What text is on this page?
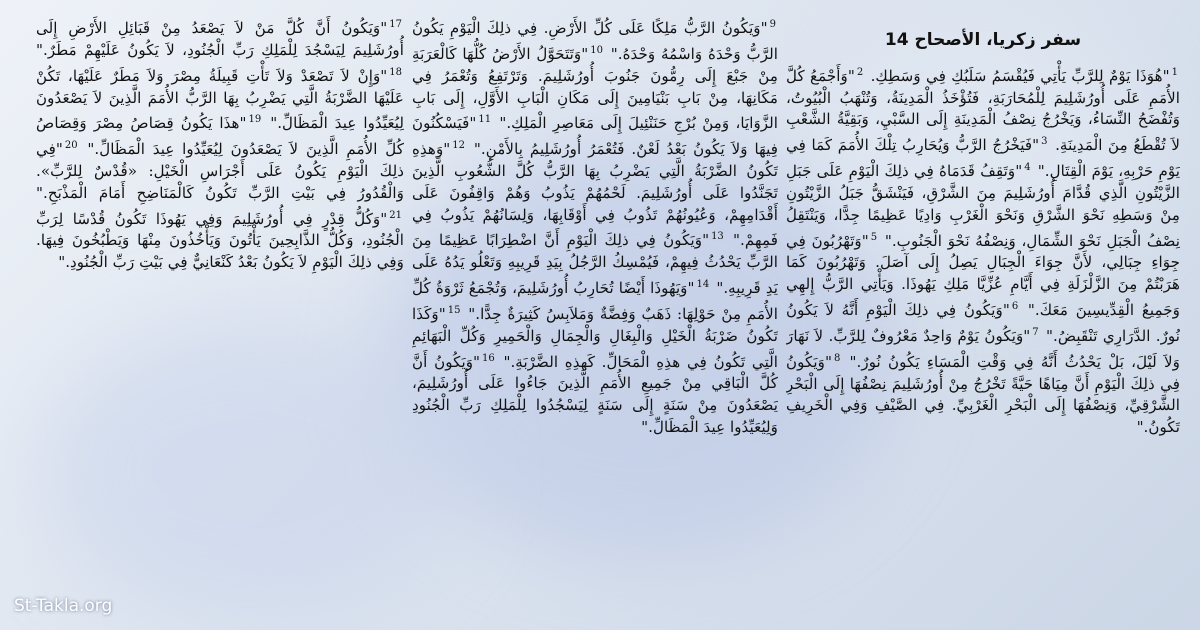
سفر زكريا، الأصحاح 14
$^1$"هُوَذَا يَوْمٌ لِلرَّبِّ يَأْتِي فَيُقْسَمُ سَلَبُكِ فِي وَسَطِكِ. $^2$"وَأَجْمَعُ كُلَّ الأُمَمِ عَلَى أُورُشَلِيمَ لِلْمُحَارَبَةِ، فَتُؤْخَذُ الْمَدِينَةُ، وَتُنْهَبُ الْبُيُوتُ، وَتُفْضَحُ النِّسَاءُ، وَيَخْرُجُ نِصْفُ الْمَدِينَةِ إِلَى السَّبْيِ، وَبَقِيَّةُ الشَّعْبِ لاَ تُقْطَعُ مِنَ الْمَدِينَةِ. $^3$"فَيَخْرُجُ الرَّبُّ وَيُحَارِبُ تِلْكَ الأُمَمَ كَمَا فِي يَوْمِ حَرْبِهِ، يَوْمَ الْقِتَالِ." $^4$"وَتَقِفُ قَدَمَاهُ فِي ذلِكَ الْيَوْمِ عَلَى جَبَلِ الزَّيْتُونِ الَّذِي قُدَّامَ أُورُشَلِيمَ مِنَ الشَّرْقِ، فَيَنْشَقُّ جَبَلُ الزَّيْتُونِ مِنْ وَسَطِهِ نَحْوَ الشَّرْقِ وَنَحْوَ الْغَرْبِ وَادِيًا عَظِيمًا جِدًّا، وَيَنْتَقِلُ نِصْفُ الْجَبَلِ نَحْوَ الشِّمَالِ، وَنِصْفُهُ نَحْوَ الْجَنُوبِ." $^5$"وَتَهْرُبُونَ فِي جِوَاءِ جِبَالِي، لأَنَّ جِوَاءَ الْجِبَالِ يَصِلُ إِلَى آصَلَ. وَتَهْرُبُونَ كَمَا هَرَبْتُمْ مِنَ الزَّلْزَلَةِ فِي أَيَّامِ عُزِّيَّا مَلِكِ يَهُوذَا. وَيَأْتِي الرَّبُّ إِلهِي وَجَمِيعُ الْقِدِّيسِينَ مَعَكَ." $^6$"وَيَكُونُ فِي ذلِكَ الْيَوْمِ أَنَّهُ لاَ يَكُونُ نُورٌ. الدَّرَارِي تَنْقَبِضُ." $^7$"وَيَكُونُ يَوْمٌ وَاحِدٌ مَعْرُوفٌ لِلرَّبِّ. لاَ نَهَارَ وَلاَ لَيْلَ، بَلْ يَحْدُثُ أَنَّهُ فِي وَقْتِ الْمَسَاءِ يَكُونُ نُورٌ." $^8$"وَيَكُونُ فِي ذلِكَ الْيَوْمِ أَنَّ مِيَاهًا حَيَّةً تَخْرُجُ مِنْ أُورُشَلِيمَ نِصْفُهَا إِلَى الْبَحْرِ الشَّرْقِيِّ، وَنِصْفُهَا إِلَى الْبَحْرِ الْغَرْبِيِّ. فِي الصَّيْفِ وَفِي الْخَرِيفِ تَكُونُ."
$^9$"وَيَكُونُ الرَّبُّ مَلِكًا عَلَى كُلِّ الأَرْضِ. فِي ذلِكَ الْيَوْمِ يَكُونُ الرَّبُّ وَحْدَهُ وَاسْمُهُ وَحْدَهُ." $^{10}$"وَتَتَحَوَّلُ الأَرْضُ كُلُّهَا كَالْعَرَبَةِ مِنْ جَبْعَ إِلَى رِمُّونَ جَنُوبَ أُورُشَلِيمَ. وَتَرْتَفِعُ وَتُعْمَرُ فِي مَكَانِهَا، مِنْ بَابِ بَنْيَامِينَ إِلَى مَكَانِ الْبَابِ الأَوَّلِ، إِلَى بَابِ الزَّوَايَا، وَمِنْ بُرْجِ حَنَنْئِيلَ إِلَى مَعَاصِرِ الْمَلِكِ." $^{11}$"فَيَسْكُنُونَ فِيهَا وَلاَ يَكُونُ بَعْدُ لَعْنٌ. فَتُعْمَرُ أُورُشَلِيمُ بِالأَمْنِ." $^{12}$"وَهذِهِ تَكُونُ الضَّرْبَةُ الَّتِي يَضْرِبُ بِهَا الرَّبُّ كُلَّ الشُّعُوبِ الَّذِينَ تَجَنَّدُوا عَلَى أُورُشَلِيمَ. لَحْمُهُمْ يَذُوبُ وَهُمْ وَاقِفُونَ عَلَى أَقْدَامِهِمْ، وَعُيُونُهُمْ تَذُوبُ فِي أَوْقَابِهَا، وَلِسَانُهُمْ يَذُوبُ فِي فَمِهِمْ." $^{13}$"وَيَكُونُ فِي ذلِكَ الْيَوْمِ أَنَّ اضْطِرَابًا عَظِيمًا مِنَ الرَّبِّ يَحْدُثُ فِيهِمْ، فَيُمْسِكُ الرَّجُلُ بِيَدِ قَرِيبِهِ وَتَعْلُو يَدُهُ عَلَى يَدِ قَرِيبِهِ." $^{14}$"وَيَهُوذَا أَيْضًا تُحَارِبُ أُورُشَلِيمَ، وَتُجْمَعُ ثَرْوَةُ كُلِّ الأُمَمِ مِنْ حَوْلِهَا: ذَهَبٌ وَفِضَّةٌ وَمَلاَبِسُ كَثِيرَةٌ جِدًّا." $^{15}$"وَكَذَا تَكُونُ ضَرْبَةُ الْخَيْلِ وَالْبِغَالِ وَالْجِمَالِ وَالْحَمِيرِ وَكُلِّ الْبَهَائِمِ الَّتِي تَكُونُ فِي هذِهِ الْمَحَالِّ. كَهذِهِ الضَّرْبَةِ." $^{16}$"وَيَكُونُ أَنَّ كُلَّ الْبَاقِي مِنْ جَمِيعِ الأُمَمِ الَّذِينَ جَاءُوا عَلَى أُورُشَلِيمَ، يَصْعَدُونَ مِنْ سَنَةٍ إِلَى سَنَةٍ لِيَسْجُدُوا لِلْمَلِكِ رَبِّ الْجُنُودِ وَلِيُعَيِّدُوا عِيدَ الْمَظَالِّ."
$^{17}$"وَيَكُونُ أَنَّ كُلَّ مَنْ لاَ يَصْعَدُ مِنْ قَبَائِلِ الأَرْضِ إِلَى أُورُشَلِيمَ لِيَسْجُدَ لِلْمَلِكِ رَبِّ الْجُنُودِ، لاَ يَكُونُ عَلَيْهِمْ مَطَرٌ." $^{18}$"وَإِنْ لاَ تَصْعَدْ وَلاَ تَأْتِ قَبِيلَةُ مِصْرَ وَلاَ مَطَرٌ عَلَيْهَا، تَكُنْ عَلَيْهَا الضَّرْبَةُ الَّتِي يَضْرِبُ بِهَا الرَّبُّ الأُمَمَ الَّذِينَ لاَ يَصْعَدُونَ لِيُعَيِّدُوا عِيدَ الْمَظَالِّ." $^{19}$"هذَا يَكُونُ قِصَاصُ مِصْرَ وَقِصَاصُ كُلِّ الأُمَمِ الَّذِينَ لاَ يَصْعَدُونَ لِيُعَيِّدُوا عِيدَ الْمَظَالِّ." $^{20}$"فِي ذلِكَ الْيَوْمِ يَكُونُ عَلَى أَجْرَاسِ الْخَيْلِ: «قُدْسٌ لِلرَّبِّ». وَالْقُدُورُ فِي بَيْتِ الرَّبِّ تَكُونُ كَالْمَنَاضِحِ أَمَامَ الْمَذْبَحِ." $^{21}$"وَكُلُّ قِدْرٍ فِي أُورُشَلِيمَ وَفِي يَهُوذَا تَكُونُ قُدْسًا لِرَبِّ الْجُنُودِ، وَكُلُّ الذَّابِحِينَ يَأْتُونَ وَيَأْخُذُونَ مِنْهَا وَيَطْبُخُونَ فِيهَا. وَفِي ذلِكَ الْيَوْمِ لاَ يَكُونُ بَعْدُ كَنْعَانِيٌّ فِي بَيْتِ رَبِّ الْجُنُودِ."
St-Takla.org
